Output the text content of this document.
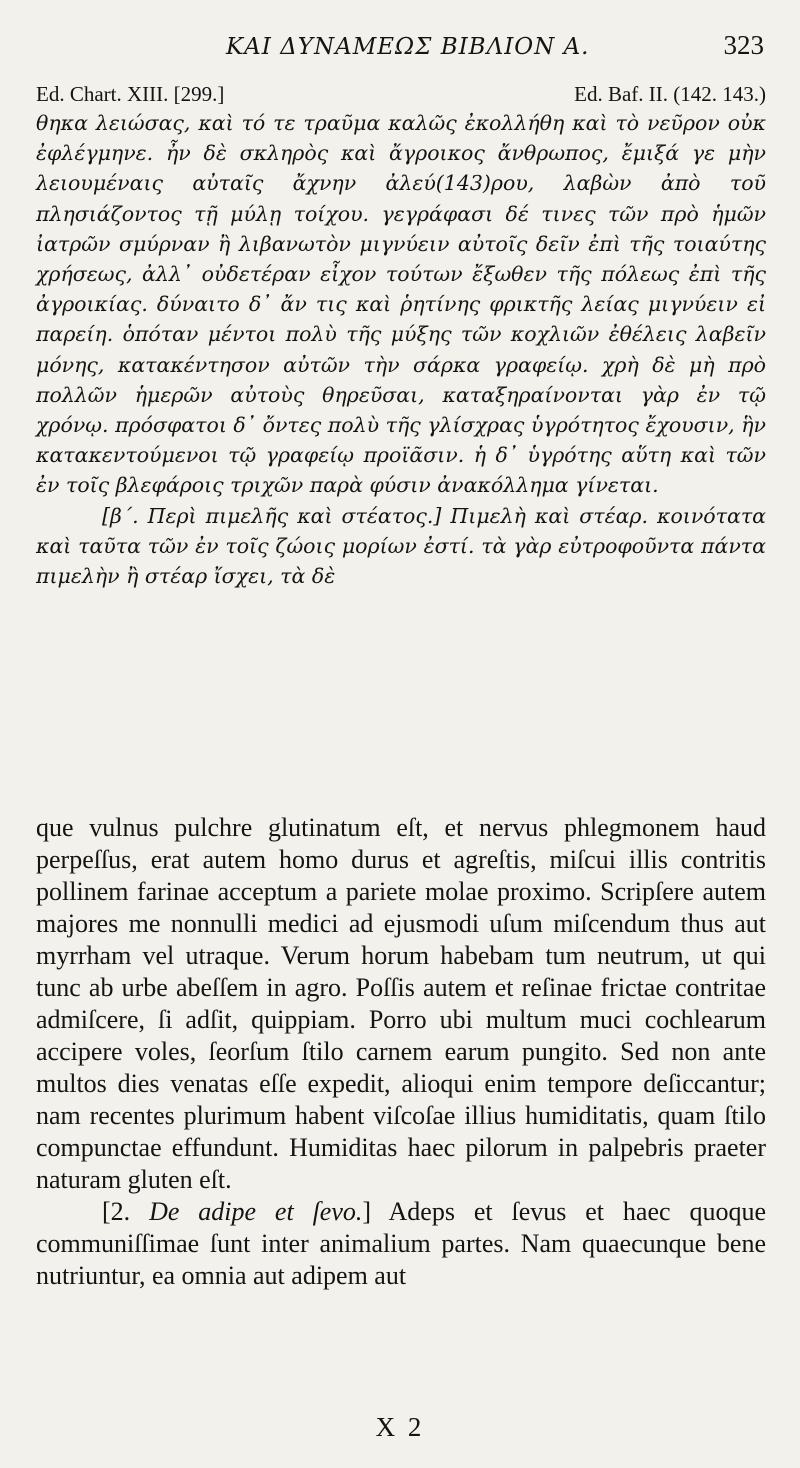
ΚΑΙ ΔΥΝΑΜΕΩΣ ΒΙΒΛΙΟΝ Α.	323
Ed. Chart. XIII. [299.]	Ed. Baf. II. (142. 143.)

θηκα λειώσας, καὶ τό τε τραῦμα καλῶς ἐκολλήθη καὶ τὸ νεῦρον οὐκ ἐφλέγμηνε. ἦν δὲ σκληρὸς καὶ ἄγροικος ἄνθρωπος, ἔμιξά γε μὴν λειουμέναις αὐταῖς ἄχνην ἀλεύ(143)ρου, λαβὼν ἀπὸ τοῦ πλησιάζοντος τῇ μύλῃ τοίχου. γεγράφασι δέ τινες τῶν πρὸ ἡμῶν ἰατρῶν σμύρναν ἢ λιβανωτὸν μιγνύειν αὐτοῖς δεῖν ἐπὶ τῆς τοιαύτης χρήσεως, ἀλλ᾽ οὐδετέραν εἶχον τούτων ἔξωθεν τῆς πόλεως ἐπὶ τῆς ἀγροικίας. δύναιτο δ᾽ ἄν τις καὶ ῥητίνης φρικτῆς λείας μιγνύειν εἰ παρείη. ὁπόταν μέντοι πολὺ τῆς μύξης τῶν κοχλιῶν ἐθέλεις λαβεῖν μόνης, κατακέντησον αὐτῶν τὴν σάρκα γραφείῳ. χρὴ δὲ μὴ πρὸ πολλῶν ἡμερῶν αὐτοὺς θηρεῦσαι, καταξηραίνονται γὰρ ἐν τῷ χρόνῳ. πρόσφατοι δ᾽ ὄντες πολὺ τῆς γλίσχρας ὑγρότητος ἔχουσιν, ἣν κατακεντούμενοι τῷ γραφείῳ προϊᾶσιν. ἡ δ᾽ ὑγρότης αὕτη καὶ τῶν ἐν τοῖς βλεφάροις τριχῶν παρὰ φύσιν ἀνακόλλημα γίνεται.

[β΄. Περὶ πιμελῆς καὶ στέατος.] Πιμελὴ καὶ στέαρ. κοινότατα καὶ ταῦτα τῶν ἐν τοῖς ζώοις μορίων ἐστί. τὰ γὰρ εὐτροφοῦντα πάντα πιμελὴν ἢ στέαρ ἴσχει, τὰ δὲ

que vulnus pulchre glutinatum eſt, et nervus phlegmonem haud perpeſſus, erat autem homo durus et agreſtis, miſcui illis contritis pollinem farinae acceptum a pariete molae proximo. Scripſere autem majores me nonnulli medici ad ejusmodi uſum miſcendum thus aut myrrham vel utraque. Verum horum habebam tum neutrum, ut qui tunc ab urbe abeſſem in agro. Poſſis autem et reſinae frictae contritae admiſcere, ſi adſit, quippiam. Porro ubi multum muci cochlearum accipere voles, ſeorſum ſtilo carnem earum pungito. Sed non ante multos dies venatas eſſe expedit, alioqui enim tempore deſiccantur; nam recentes plurimum habent viſcoſae illius humiditatis, quam ſtilo compunctae effundunt. Humiditas haec pilorum in palpebris praeter naturam gluten eſt.

[2. De adipe et ſevo.] Adeps et ſevus et haec quoque communiſſimae ſunt inter animalium partes. Nam quaecunque bene nutriuntur, ea omnia aut adipem aut

X 2
